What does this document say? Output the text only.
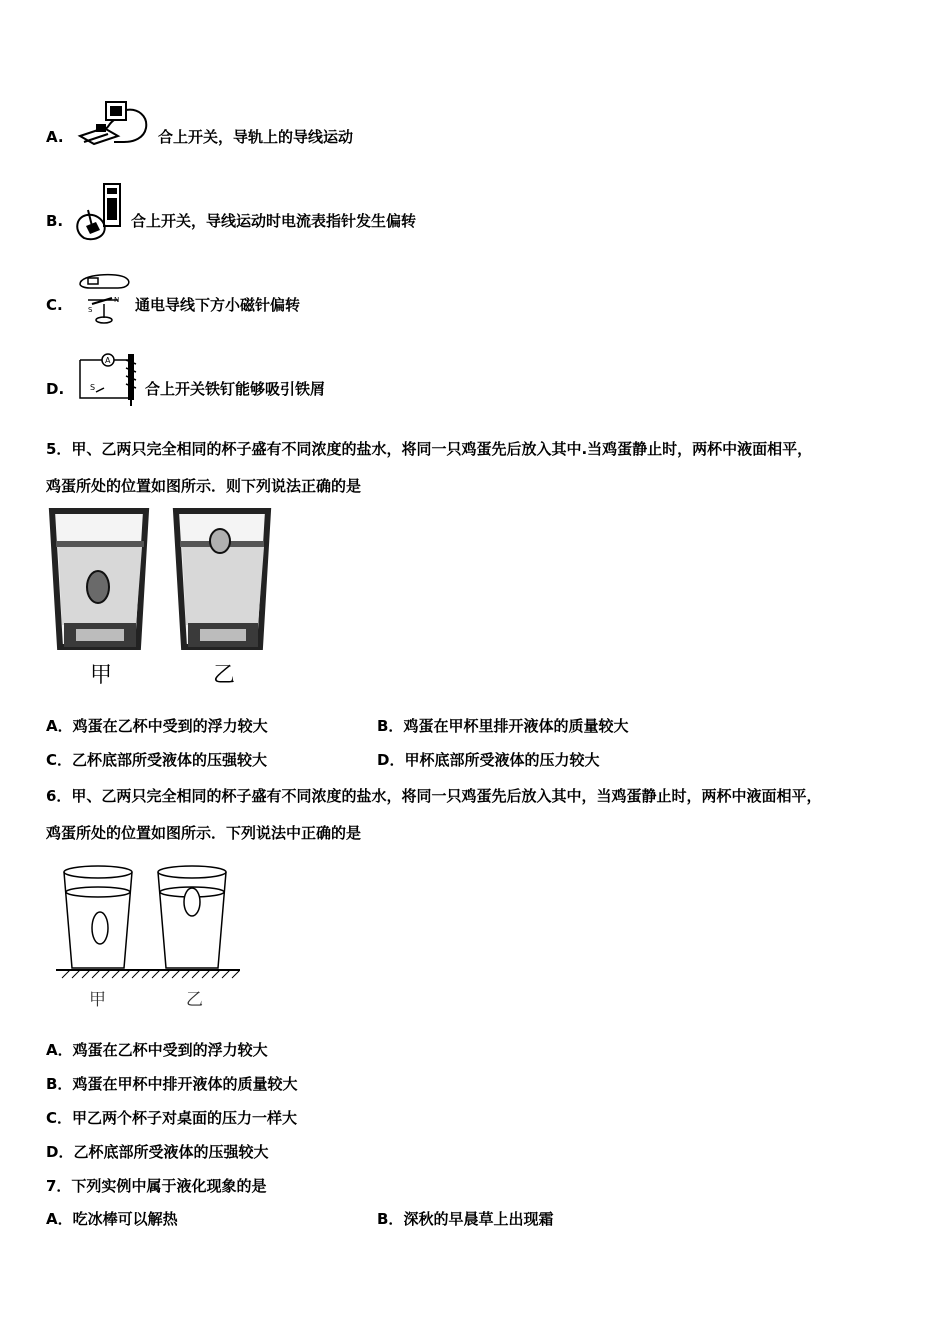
A.	合上开关，导轨上的导线运动
B.	合上开关，导线运动时电流表指针发生偏转
C.	S
N 通电导线下方小磁针偏转
D.
A
S	合上开关铁钉能够吸引铁屑
5．甲、乙两只完全相同的杯子盛有不同浓度的盐水，将同一只鸡蛋先后放入其中.当鸡蛋静止时，两杯中液面相平，
鸡蛋所处的位置如图所示．则下列说法正确的是
甲	乙
A．鸡蛋在乙杯中受到的浮力较大	B．鸡蛋在甲杯里排开液体的质量较大
C．乙杯底部所受液体的压强较大	D．甲杯底部所受液体的压力较大
6．甲、乙两只完全相同的杯子盛有不同浓度的盐水，将同一只鸡蛋先后放入其中，当鸡蛋静止时，两杯中液面相平，
鸡蛋所处的位置如图所示．下列说法中正确的是
甲	乙
A．鸡蛋在乙杯中受到的浮力较大
B．鸡蛋在甲杯中排开液体的质量较大
C．甲乙两个杯子对桌面的压力一样大
D．乙杯底部所受液体的压强较大
7．下列实例中属于液化现象的是
A．吃冰棒可以解热	B．深秋的早晨草上出现霜
